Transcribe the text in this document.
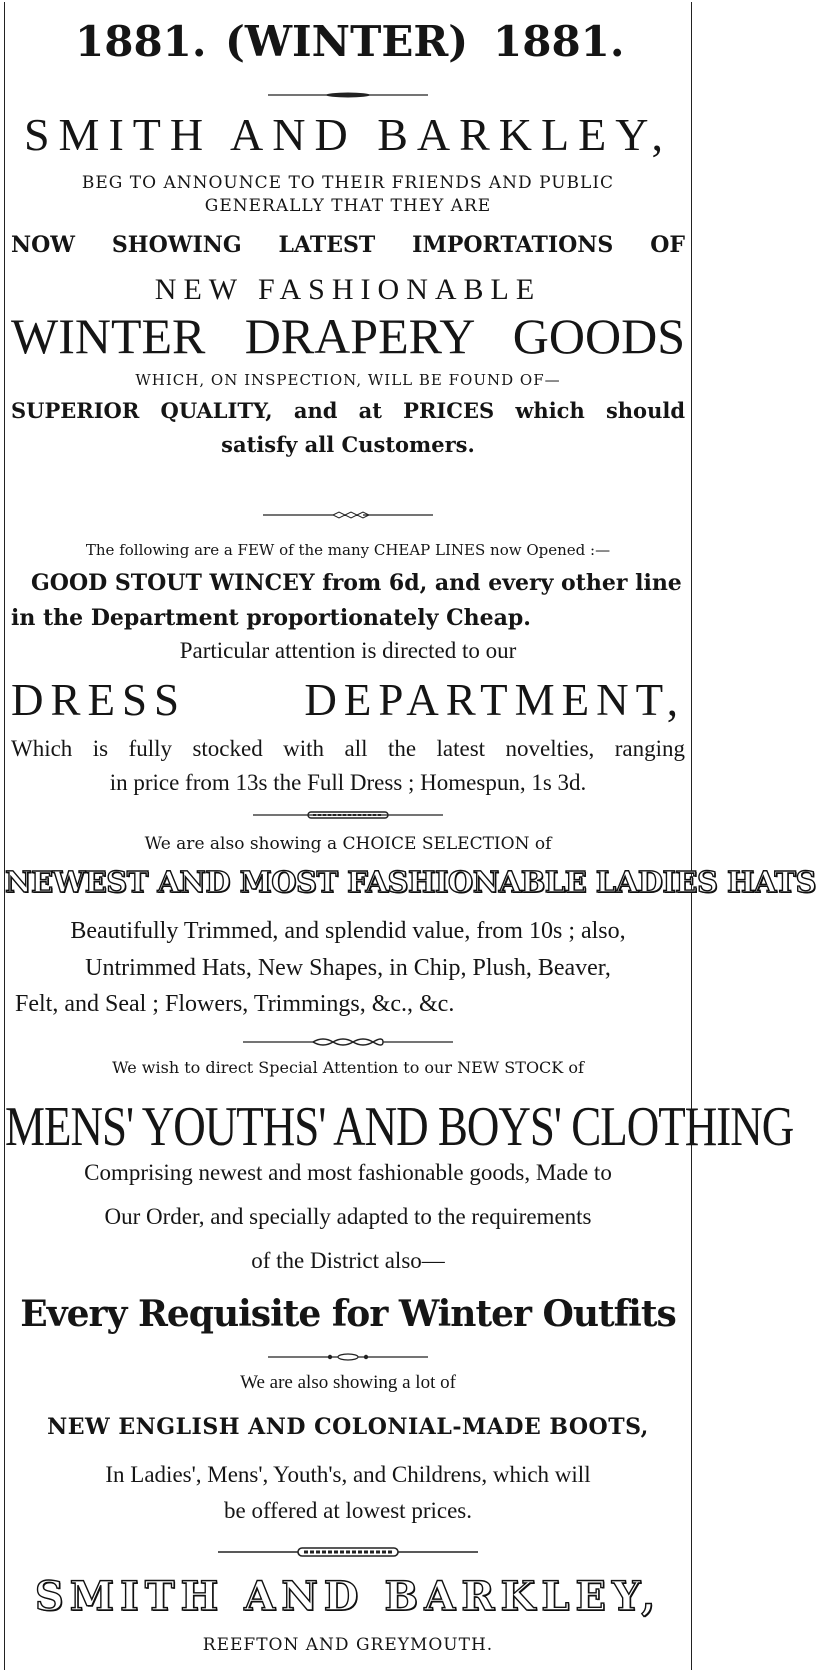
1881. (WINTER) 1881.
SMITH AND BARKLEY,
BEG TO ANNOUNCE TO THEIR FRIENDS AND PUBLIC
GENERALLY THAT THEY ARE
NOW SHOWING LATEST IMPORTATIONS OF
NEW FASHIONABLE
WINTER DRAPERY GOODS
WHICH, ON INSPECTION, WILL BE FOUND OF—
SUPERIOR QUALITY, and at PRICES which should
satisfy all Customers.
The following are a FEW of the many CHEAP LINES now Opened :—
GOOD STOUT WINCEY from 6d, and every other line
in the Department proportionately Cheap.
Particular attention is directed to our
DRESS DEPARTMENT,
Which is fully stocked with all the latest novelties, ranging
in price from 13s the Full Dress ; Homespun, 1s 3d.
We are also showing a CHOICE SELECTION of
NEWEST AND MOST FASHIONABLE LADIES HATS
Beautifully Trimmed, and splendid value, from 10s ; also,
Untrimmed Hats, New Shapes, in Chip, Plush, Beaver,
Felt, and Seal ; Flowers, Trimmings, &c., &c.
We wish to direct Special Attention to our NEW STOCK of
MENS' YOUTHS' AND BOYS' CLOTHING
Comprising newest and most fashionable goods, Made to
Our Order, and specially adapted to the requirements
of the District also—
Every Requisite for Winter Outfits
We are also showing a lot of
NEW ENGLISH AND COLONIAL-MADE BOOTS,
In Ladies', Mens', Youth's, and Childrens, which will
be offered at lowest prices.
SMITH AND BARKLEY,
REEFTON AND GREYMOUTH.
